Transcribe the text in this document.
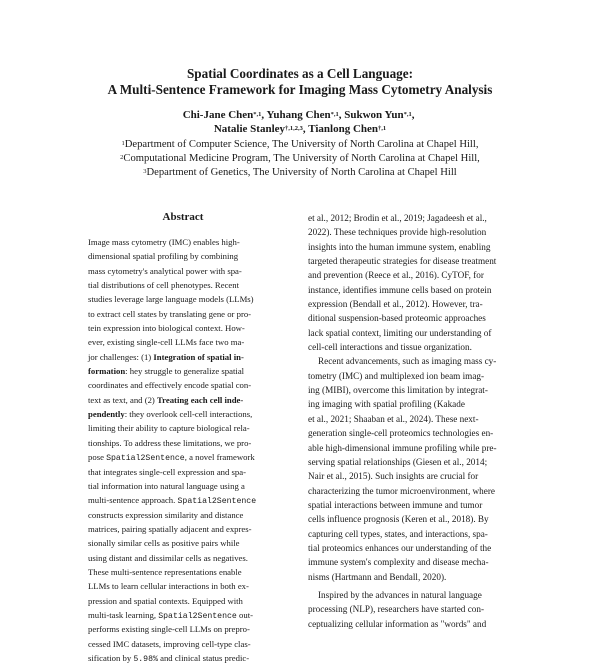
Spatial Coordinates as a Cell Language:
A Multi-Sentence Framework for Imaging Mass Cytometry Analysis
Chi-Jane Chen$^{*,1}$, Yuhang Chen$^{*,1}$, Sukwon Yun$^{*,1}$,
Natalie Stanley$^{\dagger,1,2,3}$, Tianlong Chen$^{\dagger,1}$
$^1$Department of Computer Science, The University of North Carolina at Chapel Hill,
$^2$Computational Medicine Program, The University of North Carolina at Chapel Hill,
$^3$Department of Genetics, The University of North Carolina at Chapel Hill
Abstract
Image mass cytometry (IMC) enables high-
dimensional spatial profiling by combining
mass cytometry's analytical power with spa-
tial distributions of cell phenotypes. Recent
studies leverage large language models (LLMs)
to extract cell states by translating gene or pro-
tein expression into biological context. How-
ever, existing single-cell LLMs face two ma-
jor challenges: (1) Integration of spatial in-
formation: hey struggle to generalize spatial
coordinates and effectively encode spatial con-
text as text, and (2) Treating each cell inde-
pendently: they overlook cell-cell interactions,
limiting their ability to capture biological rela-
tionships. To address these limitations, we pro-
pose Spatial2Sentence, a novel framework
that integrates single-cell expression and spa-
tial information into natural language using a
multi-sentence approach. Spatial2Sentence
constructs expression similarity and distance
matrices, pairing spatially adjacent and expres-
sionally similar cells as positive pairs while
using distant and dissimilar cells as negatives.
These multi-sentence representations enable
LLMs to learn cellular interactions in both ex-
pression and spatial contexts. Equipped with
multi-task learning, Spatial2Sentence out-
performs existing single-cell LLMs on prepro-
cessed IMC datasets, improving cell-type clas-
sification by 5.98% and clinical status predic-
et al., 2012; Brodin et al., 2019; Jagadeesh et al.,
2022). These techniques provide high-resolution
insights into the human immune system, enabling
targeted therapeutic strategies for disease treatment
and prevention (Reece et al., 2016). CyTOF, for
instance, identifies immune cells based on protein
expression (Bendall et al., 2012). However, tra-
ditional suspension-based proteomic approaches
lack spatial context, limiting our understanding of
cell-cell interactions and tissue organization.
Recent advancements, such as imaging mass cy-
tometry (IMC) and multiplexed ion beam imag-
ing (MIBI), overcome this limitation by integrat-
ing imaging with spatial profiling (Kakade
et al., 2021; Shaaban et al., 2024). These next-
generation single-cell proteomics technologies en-
able high-dimensional immune profiling while pre-
serving spatial relationships (Giesen et al., 2014;
Nair et al., 2015). Such insights are crucial for
characterizing the tumor microenvironment, where
spatial interactions between immune and tumor
cells influence prognosis (Keren et al., 2018). By
capturing cell types, states, and interactions, spa-
tial proteomics enhances our understanding of the
immune system's complexity and disease mecha-
nisms (Hartmann and Bendall, 2020).
Inspired by the advances in natural language
processing (NLP), researchers have started con-
ceptualizing cellular information as "words" and
